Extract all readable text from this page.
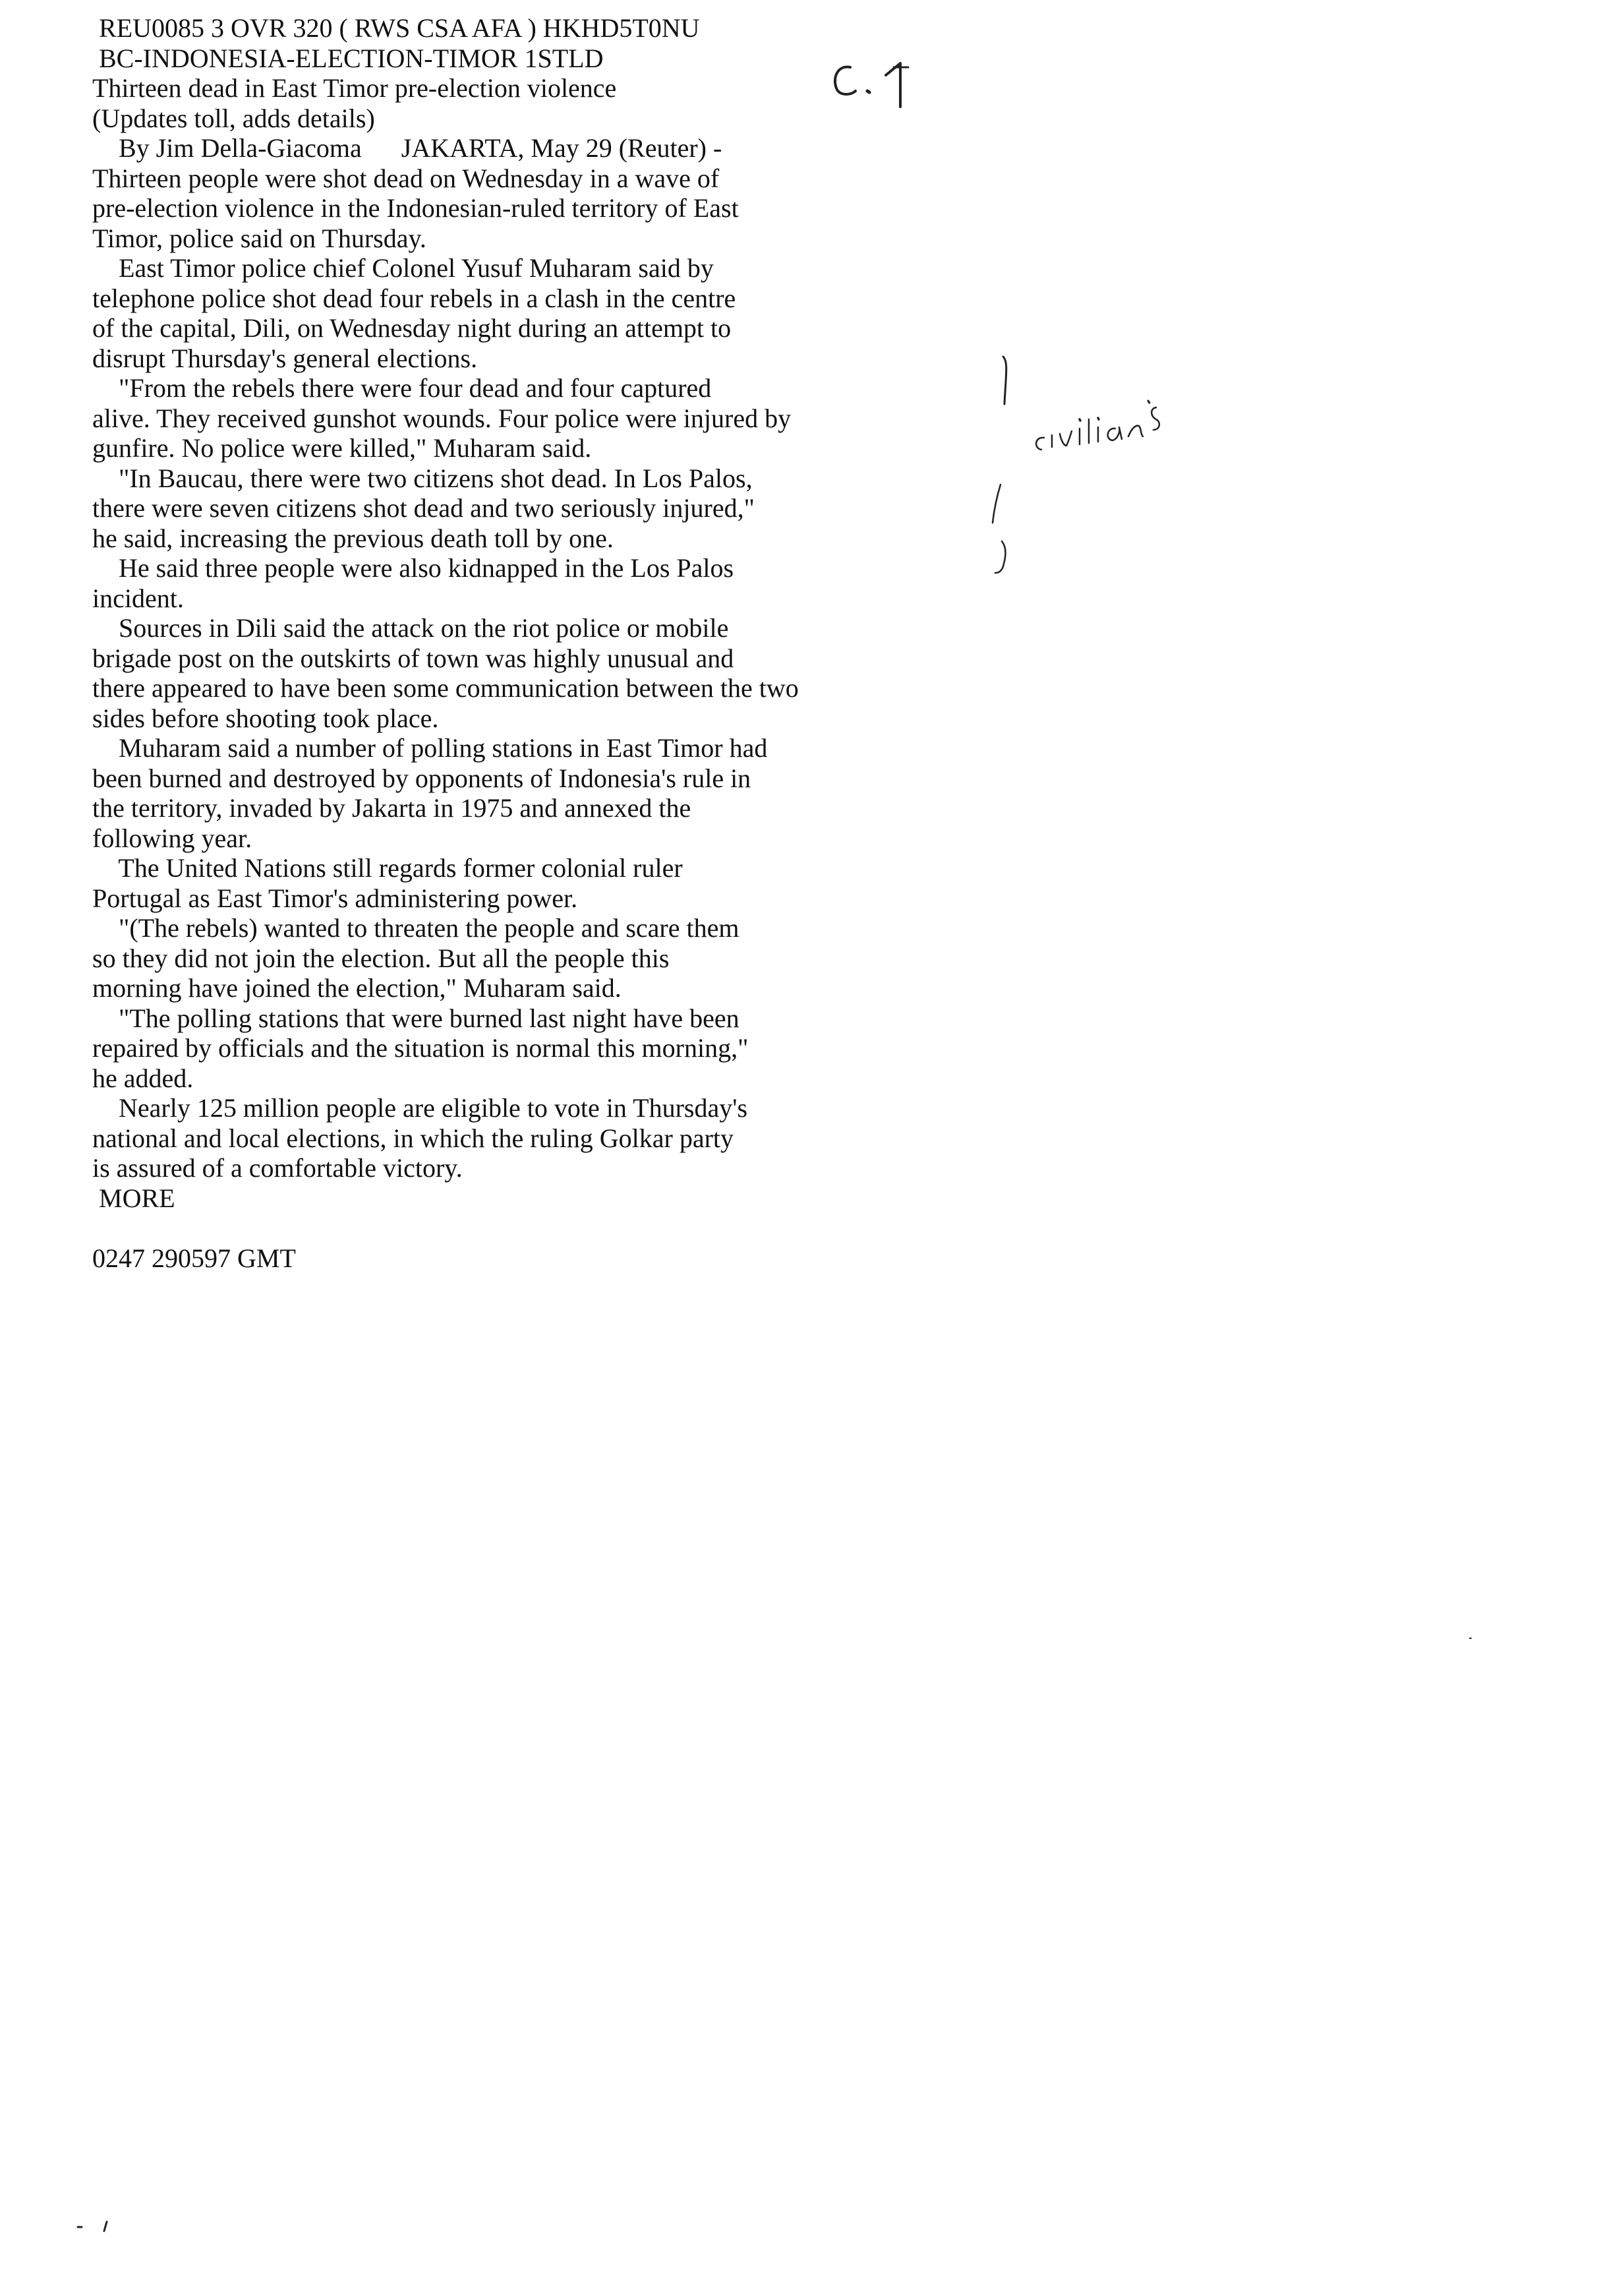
REU0085 3 OVR 320 ( RWS CSA AFA ) HKHD5T0NU
BC-INDONESIA-ELECTION-TIMOR 1STLD
Thirteen dead in East Timor pre-election violence
(Updates toll, adds details)
By Jim Della-Giacoma      JAKARTA, May 29 (Reuter) -
Thirteen people were shot dead on Wednesday in a wave of
pre-election violence in the Indonesian-ruled territory of East
Timor, police said on Thursday.
East Timor police chief Colonel Yusuf Muharam said by
telephone police shot dead four rebels in a clash in the centre
of the capital, Dili, on Wednesday night during an attempt to
disrupt Thursday's general elections.
"From the rebels there were four dead and four captured
alive. They received gunshot wounds. Four police were injured by
gunfire. No police were killed," Muharam said.
"In Baucau, there were two citizens shot dead. In Los Palos,
there were seven citizens shot dead and two seriously injured,"
he said, increasing the previous death toll by one.
He said three people were also kidnapped in the Los Palos
incident.
Sources in Dili said the attack on the riot police or mobile
brigade post on the outskirts of town was highly unusual and
there appeared to have been some communication between the two
sides before shooting took place.
Muharam said a number of polling stations in East Timor had
been burned and destroyed by opponents of Indonesia's rule in
the territory, invaded by Jakarta in 1975 and annexed the
following year.
The United Nations still regards former colonial ruler
Portugal as East Timor's administering power.
"(The rebels) wanted to threaten the people and scare them
so they did not join the election. But all the people this
morning have joined the election," Muharam said.
"The polling stations that were burned last night have been
repaired by officials and the situation is normal this morning,"
he added.
Nearly 125 million people are eligible to vote in Thursday's
national and local elections, in which the ruling Golkar party
is assured of a comfortable victory.
MORE
0247 290597 GMT
